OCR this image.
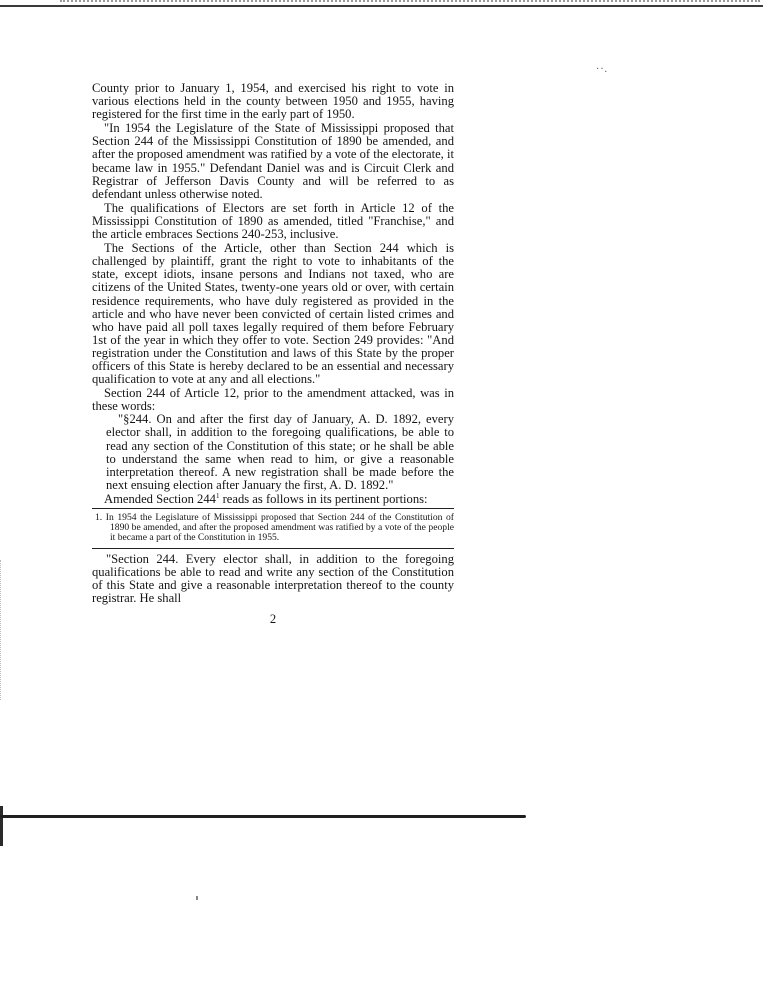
·‧.

County prior to January 1, 1954, and exercised his right to vote in various elections held in the county between 1950 and 1955, having registered for the first time in the early part of 1950.

"In 1954 the Legislature of the State of Mississippi proposed that Section 244 of the Mississippi Constitution of 1890 be amended, and after the proposed amendment was ratified by a vote of the electorate, it became law in 1955." Defendant Daniel was and is Circuit Clerk and Registrar of Jefferson Davis County and will be referred to as defendant unless otherwise noted.

The qualifications of Electors are set forth in Article 12 of the Mississippi Constitution of 1890 as amended, titled "Franchise," and the article embraces Sections 240-253, inclusive.

The Sections of the Article, other than Section 244 which is challenged by plaintiff, grant the right to vote to inhabitants of the state, except idiots, insane persons and Indians not taxed, who are citizens of the United States, twenty-one years old or over, with certain residence requirements, who have duly registered as provided in the article and who have never been convicted of certain listed crimes and who have paid all poll taxes legally required of them before February 1st of the year in which they offer to vote. Section 249 provides: "And registration under the Constitution and laws of this State by the proper officers of this State is hereby declared to be an essential and necessary qualification to vote at any and all elections."

Section 244 of Article 12, prior to the amendment attacked, was in these words:

"§244. On and after the first day of January, A. D. 1892, every elector shall, in addition to the foregoing qualifications, be able to read any section of the Constitution of this state; or he shall be able to understand the same when read to him, or give a reasonable interpretation thereof. A new registration shall be made before the next ensuing election after January the first, A. D. 1892."

Amended Section $244^1$ reads as follows in its pertinent portions:

1. In 1954 the Legislature of Mississippi proposed that Section 244 of the Constitution of 1890 be amended, and after the proposed amendment was ratified by a vote of the people it became a part of the Constitution in 1955.

"Section 244. Every elector shall, in addition to the foregoing qualifications be able to read and write any section of the Constitution of this State and give a reasonable interpretation thereof to the county registrar. He shall

2
